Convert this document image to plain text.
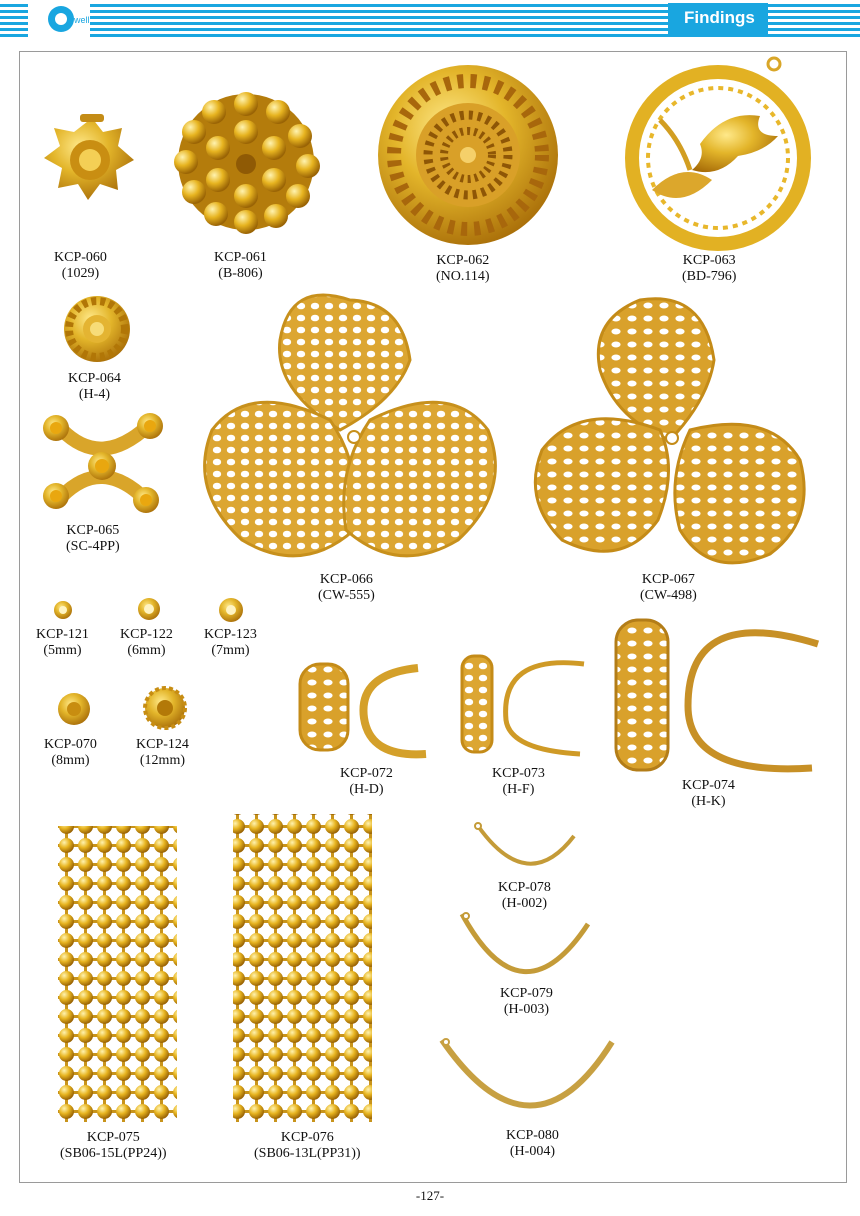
well	Findings
KCP-060
(1029)
KCP-061
(B-806)
KCP-062
(NO.114)
KCP-063
(BD-796)
KCP-064
(H-4)
KCP-065
(SC-4PP)
KCP-066
(CW-555)
KCP-067
(CW-498)
KCP-121
(5mm)
KCP-122
(6mm)
KCP-123
(7mm)
KCP-070
(8mm)
KCP-124
(12mm)
KCP-072
(H-D)
KCP-073
(H-F)	KCP-074
(H-K)
KCP-075
(SB06-15L(PP24))
KCP-076
(SB06-13L(PP31))
KCP-078
(H-002)
KCP-079
(H-003)
KCP-080
(H-004)
-127-
